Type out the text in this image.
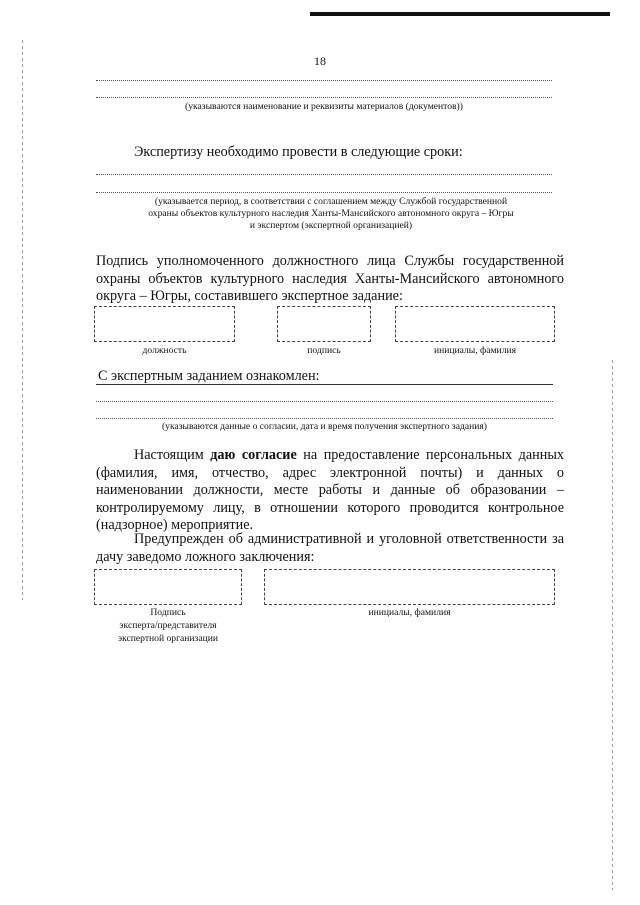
18
(указываются наименование и реквизиты материалов (документов))
Экспертизу необходимо провести в следующие сроки:
(указывается период, в соответствии с соглашением между Службой государственной
охраны объектов культурного наследия Ханты-Мансийского автономного округа – Югры
и экспертом (экспертной организацией)
Подпись уполномоченного должностного лица Службы государственной охраны объектов культурного наследия Ханты-Мансийского автономного округа – Югры, составившего экспертное задание:
должность	подпись	инициалы, фамилия
С экспертным заданием ознакомлен:
(указываются данные о согласии, дата и время получения экспертного задания)
Настоящим даю согласие на предоставление персональных данных (фамилия, имя, отчество, адрес электронной почты) и данных о наименовании должности, месте работы и данные об образовании – контролируемому лицу, в отношении которого проводится контрольное (надзорное) мероприятие.
Предупрежден об административной и уголовной ответственности за дачу заведомо ложного заключения:
Подпись
эксперта/представителя
экспертной организации
инициалы, фамилия
